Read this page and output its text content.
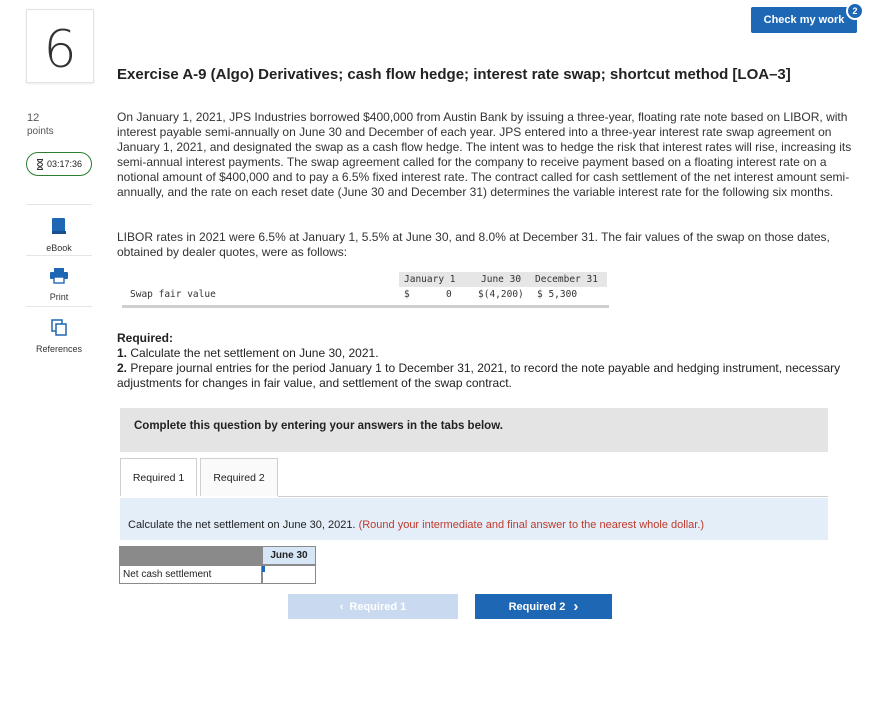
6
12
points
03:17:36
eBook
Print
References
Check my work
2
Exercise A-9 (Algo) Derivatives; cash flow hedge; interest rate swap; shortcut method [LOA–3]
On January 1, 2021, JPS Industries borrowed $400,000 from Austin Bank by issuing a three-year, floating rate note based on LIBOR, with interest payable semi-annually on June 30 and December of each year. JPS entered into a three-year interest rate swap agreement on January 1, 2021, and designated the swap as a cash flow hedge. The intent was to hedge the risk that interest rates will rise, increasing its semi-annual interest payments. The swap agreement called for the company to receive payment based on a floating interest rate on a notional amount of $400,000 and to pay a 6.5% fixed interest rate. The contract called for cash settlement of the net interest amount semi-annually, and the rate on each reset date (June 30 and December 31) determines the variable interest rate for the following six months.
LIBOR rates in 2021 were 6.5% at January 1, 5.5% at June 30, and 8.0% at December 31. The fair values of the swap on those dates, obtained by dealer quotes, were as follows:
January 1	June 30 December 31
Swap fair value	$	0	$(4,200) $ 5,300
Required:
1. Calculate the net settlement on June 30, 2021.
2. Prepare journal entries for the period January 1 to December 31, 2021, to record the note payable and hedging instrument, necessary adjustments for changes in fair value, and settlement of the swap contract.
Complete this question by entering your answers in the tabs below.
Required 1	Required 2
Calculate the net settlement on June 30, 2021. (Round your intermediate and final answer to the nearest whole dollar.)
June 30
Net cash settlement
‹ Required 1	Required 2 ›
